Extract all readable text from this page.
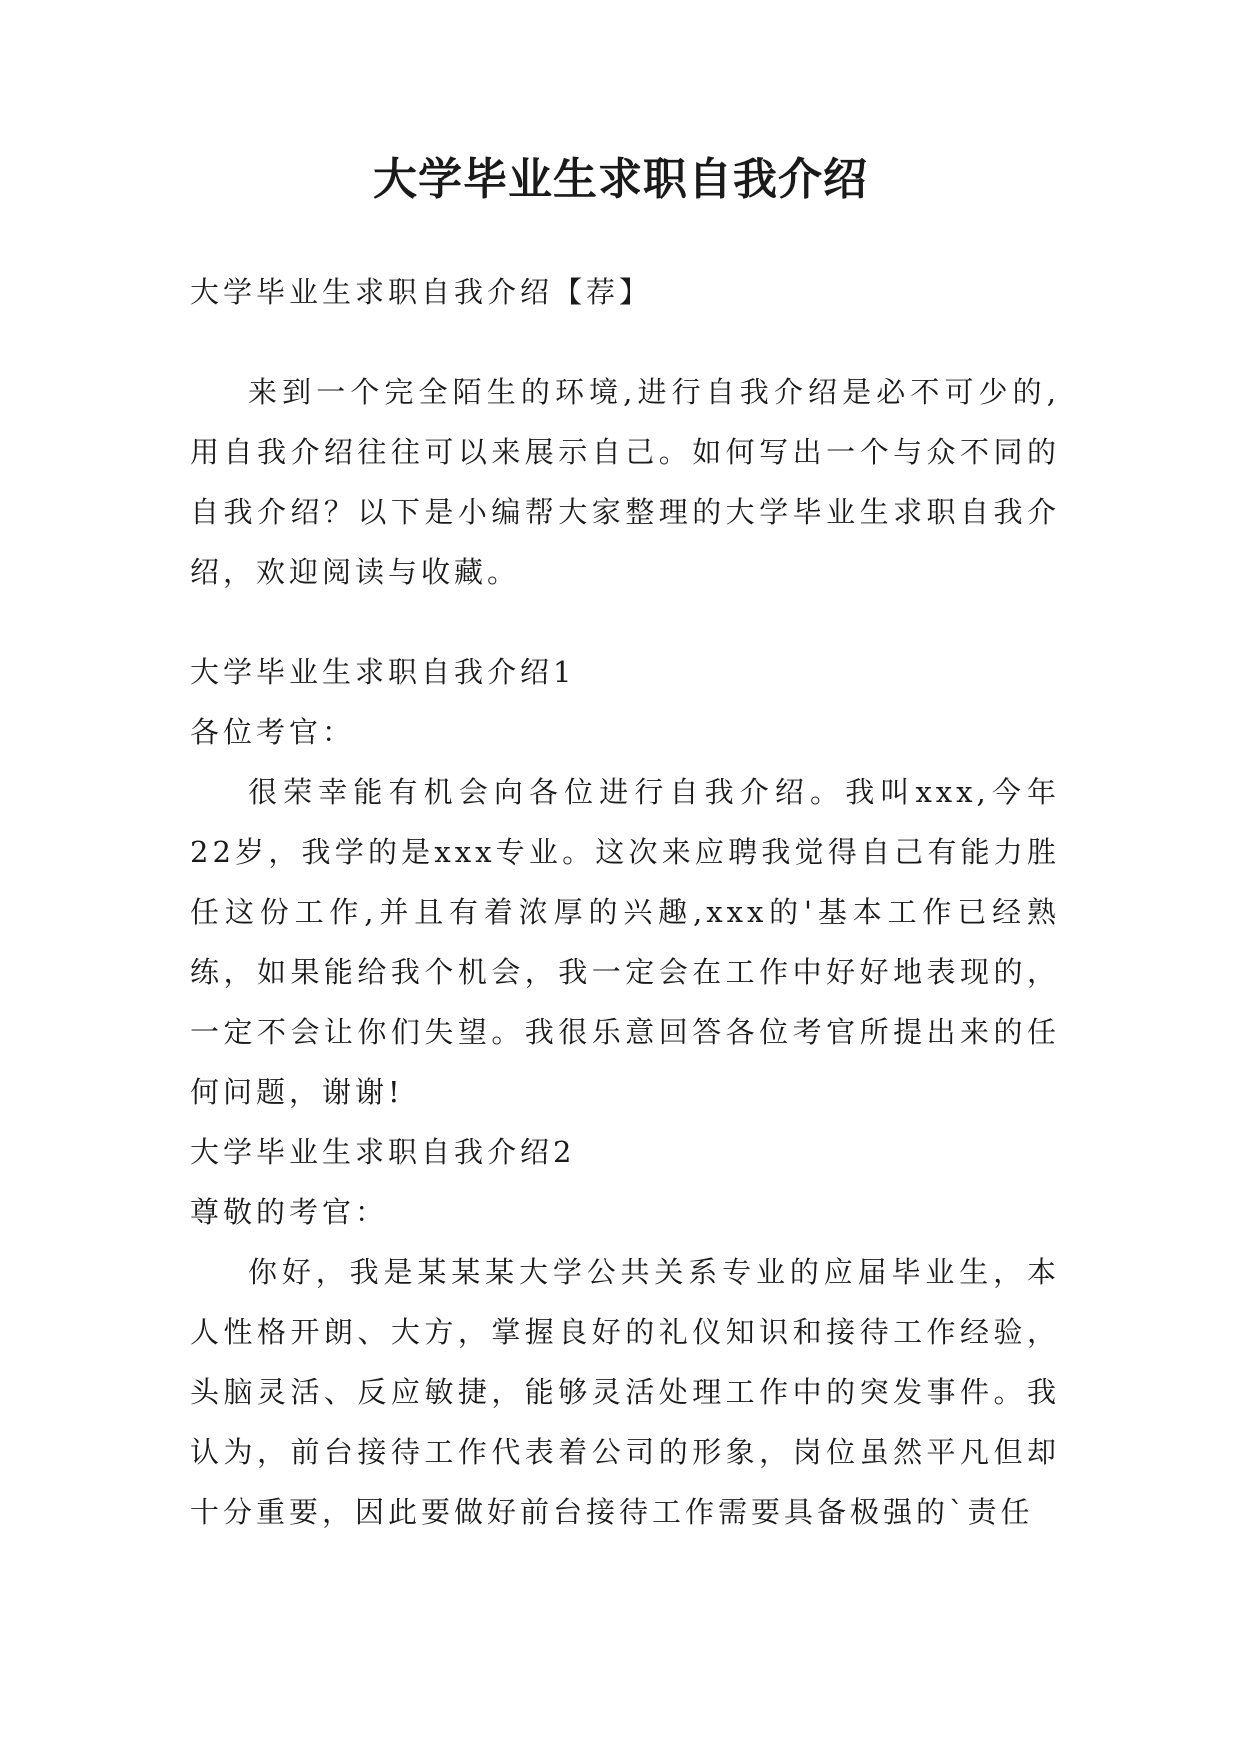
大学毕业生求职自我介绍

大学毕业生求职自我介绍【荐】

来到一个完全陌生的环境,进行自我介绍是必不可少的,用自我介绍往往可以来展示自己。如何写出一个与众不同的自我介绍？以下是小编帮大家整理的大学毕业生求职自我介绍，欢迎阅读与收藏。

大学毕业生求职自我介绍1

各位考官：

很荣幸能有机会向各位进行自我介绍。我叫xxx,今年22岁，我学的是xxx专业。这次来应聘我觉得自己有能力胜任这份工作,并且有着浓厚的兴趣,xxx的'基本工作已经熟练，如果能给我个机会，我一定会在工作中好好地表现的，一定不会让你们失望。我很乐意回答各位考官所提出来的任何问题，谢谢!

大学毕业生求职自我介绍2

尊敬的考官：

你好，我是某某某大学公共关系专业的应届毕业生，本人性格开朗、大方，掌握良好的礼仪知识和接待工作经验，头脑灵活、反应敏捷，能够灵活处理工作中的突发事件。我认为，前台接待工作代表着公司的形象，岗位虽然平凡但却十分重要，因此要做好前台接待工作需要具备极强的`责任
